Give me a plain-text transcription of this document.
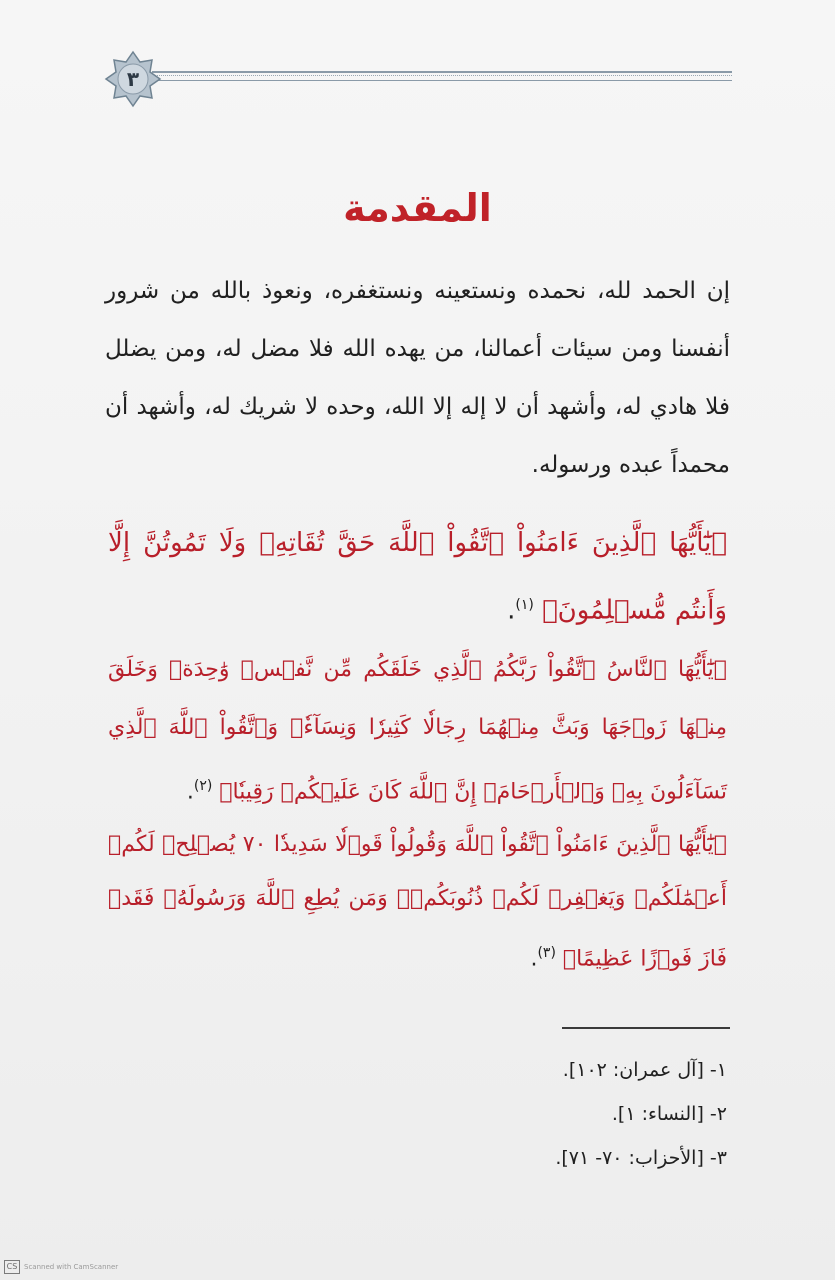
٣
المقدمة

إن الحمد لله، نحمده ونستعينه ونستغفره، ونعوذ بالله من شرور أنفسنا ومن سيئات أعمالنا، من يهده الله فلا مضل له، ومن يضلل فلا هادي له، وأشهد أن لا إله إلا الله، وحده لا شريك له، وأشهد أن محمداً عبده ورسوله.

﴿يَٰٓأَيُّهَا ٱلَّذِينَ ءَامَنُواْ ٱتَّقُواْ ٱللَّهَ حَقَّ تُقَاتِهِۦ وَلَا تَمُوتُنَّ إِلَّا وَأَنتُم مُّسۡلِمُونَ﴾ $^{(١)}$.

﴿يَٰٓأَيُّهَا ٱلنَّاسُ ٱتَّقُواْ رَبَّكُمُ ٱلَّذِي خَلَقَكُم مِّن نَّفۡسٖ وَٰحِدَةٖ وَخَلَقَ مِنۡهَا زَوۡجَهَا وَبَثَّ مِنۡهُمَا رِجَالٗا كَثِيرٗا وَنِسَآءٗۚ وَٱتَّقُواْ ٱللَّهَ ٱلَّذِي تَسَآءَلُونَ بِهِۦ وَٱلۡأَرۡحَامَۚ إِنَّ ٱللَّهَ كَانَ عَلَيۡكُمۡ رَقِيبٗا﴾ $^{(٢)}$.

﴿يَٰٓأَيُّهَا ٱلَّذِينَ ءَامَنُواْ ٱتَّقُواْ ٱللَّهَ وَقُولُواْ قَوۡلٗا سَدِيدٗا ٧٠ يُصۡلِحۡ لَكُمۡ أَعۡمَٰلَكُمۡ وَيَغۡفِرۡ لَكُمۡ ذُنُوبَكُمۡۗ وَمَن يُطِعِ ٱللَّهَ وَرَسُولَهُۥ فَقَدۡ فَازَ فَوۡزًا عَظِيمًا﴾ $^{(٣)}$.

١- [آل عمران: ١٠٢].
٢- [النساء: ١].
٣- [الأحزاب: ٧٠- ٧١].
CS Scanned with CamScanner
